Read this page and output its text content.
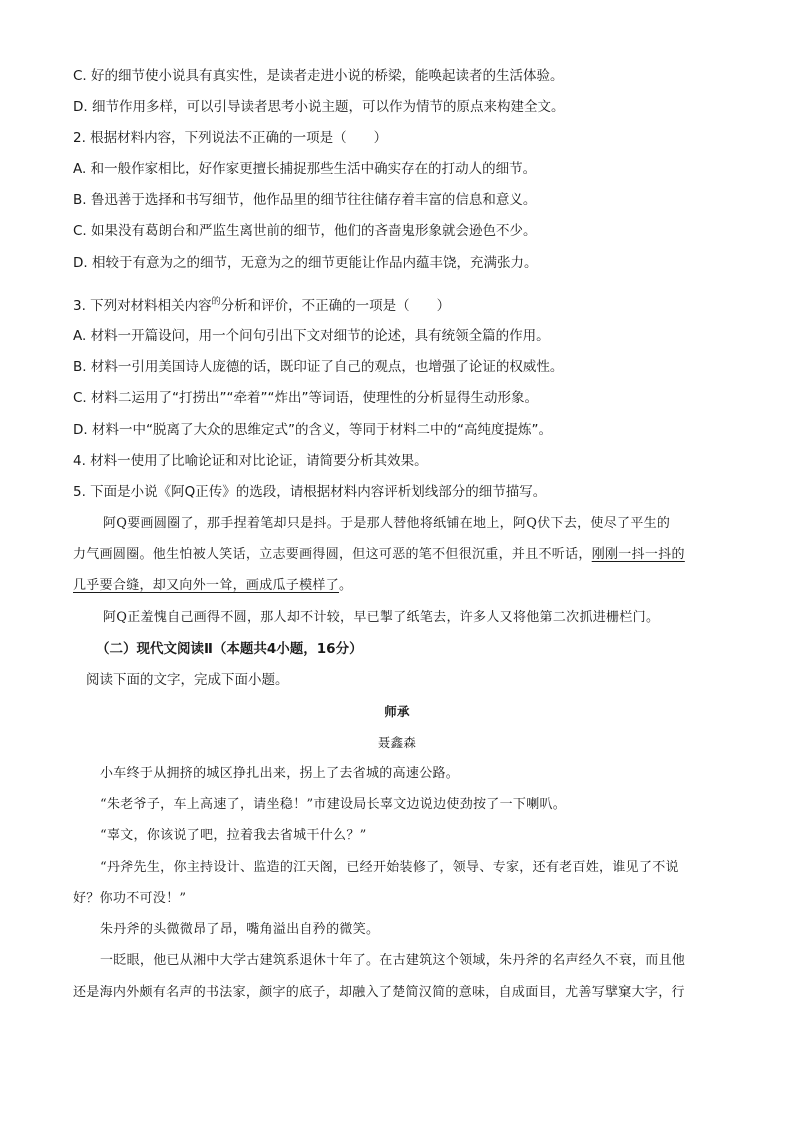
C. 好的细节使小说具有真实性，是读者走进小说的桥梁，能唤起读者的生活体验。
D. 细节作用多样，可以引导读者思考小说主题，可以作为情节的原点来构建全文。
2. 根据材料内容，下列说法不正确的一项是（　　）
A. 和一般作家相比，好作家更擅长捕捉那些生活中确实存在的打动人的细节。
B. 鲁迅善于选择和书写细节，他作品里的细节往往储存着丰富的信息和意义。
C. 如果没有葛朗台和严监生离世前的细节，他们的吝啬鬼形象就会逊色不少。
D. 相较于有意为之的细节，无意为之的细节更能让作品内蕴丰饶，充满张力。
3. 下列对材料相关内容$^的$分析和评价，不正确的一项是（　　）
A. 材料一开篇设问，用一个问句引出下文对细节的论述，具有统领全篇的作用。
B. 材料一引用美国诗人庞德的话，既印证了自己的观点，也增强了论证的权威性。
C. 材料二运用了“打捞出”“牵着”“炸出”等词语，使理性的分析显得生动形象。
D. 材料一中“脱离了大众的思维定式”的含义，等同于材料二中的“高纯度提炼”。
4. 材料一使用了比喻论证和对比论证，请简要分析其效果。
5. 下面是小说《阿Q正传》的选段，请根据材料内容评析划线部分的细节描写。
阿Q要画圆圈了，那手捏着笔却只是抖。于是那人替他将纸铺在地上，阿Q伏下去，使尽了平生的
力气画圆圈。他生怕被人笑话，立志要画得圆，但这可恶的笔不但很沉重，并且不听话，刚刚一抖一抖的
几乎要合缝，却又向外一耸，画成瓜子模样了。
阿Q正羞愧自己画得不圆，那人却不计较，早已掣了纸笔去，许多人又将他第二次抓进栅栏门。
（二）现代文阅读Ⅱ（本题共4小题，16分）
阅读下面的文字，完成下面小题。
师承
聂鑫森
小车终于从拥挤的城区挣扎出来，拐上了去省城的高速公路。
“朱老爷子，车上高速了，请坐稳！”市建设局长辜文边说边使劲按了一下喇叭。
“辜文，你该说了吧，拉着我去省城干什么？”
“丹斧先生，你主持设计、监造的江天阁，已经开始装修了，领导、专家，还有老百姓，谁见了不说
好？你功不可没！”
朱丹斧的头微微昂了昂，嘴角溢出自矜的微笑。
一眨眼，他已从湘中大学古建筑系退休十年了。在古建筑这个领域，朱丹斧的名声经久不衰，而且他
还是海内外颇有名声的书法家，颜字的底子，却融入了楚简汉简的意味，自成面目，尤善写擘窠大字，行
